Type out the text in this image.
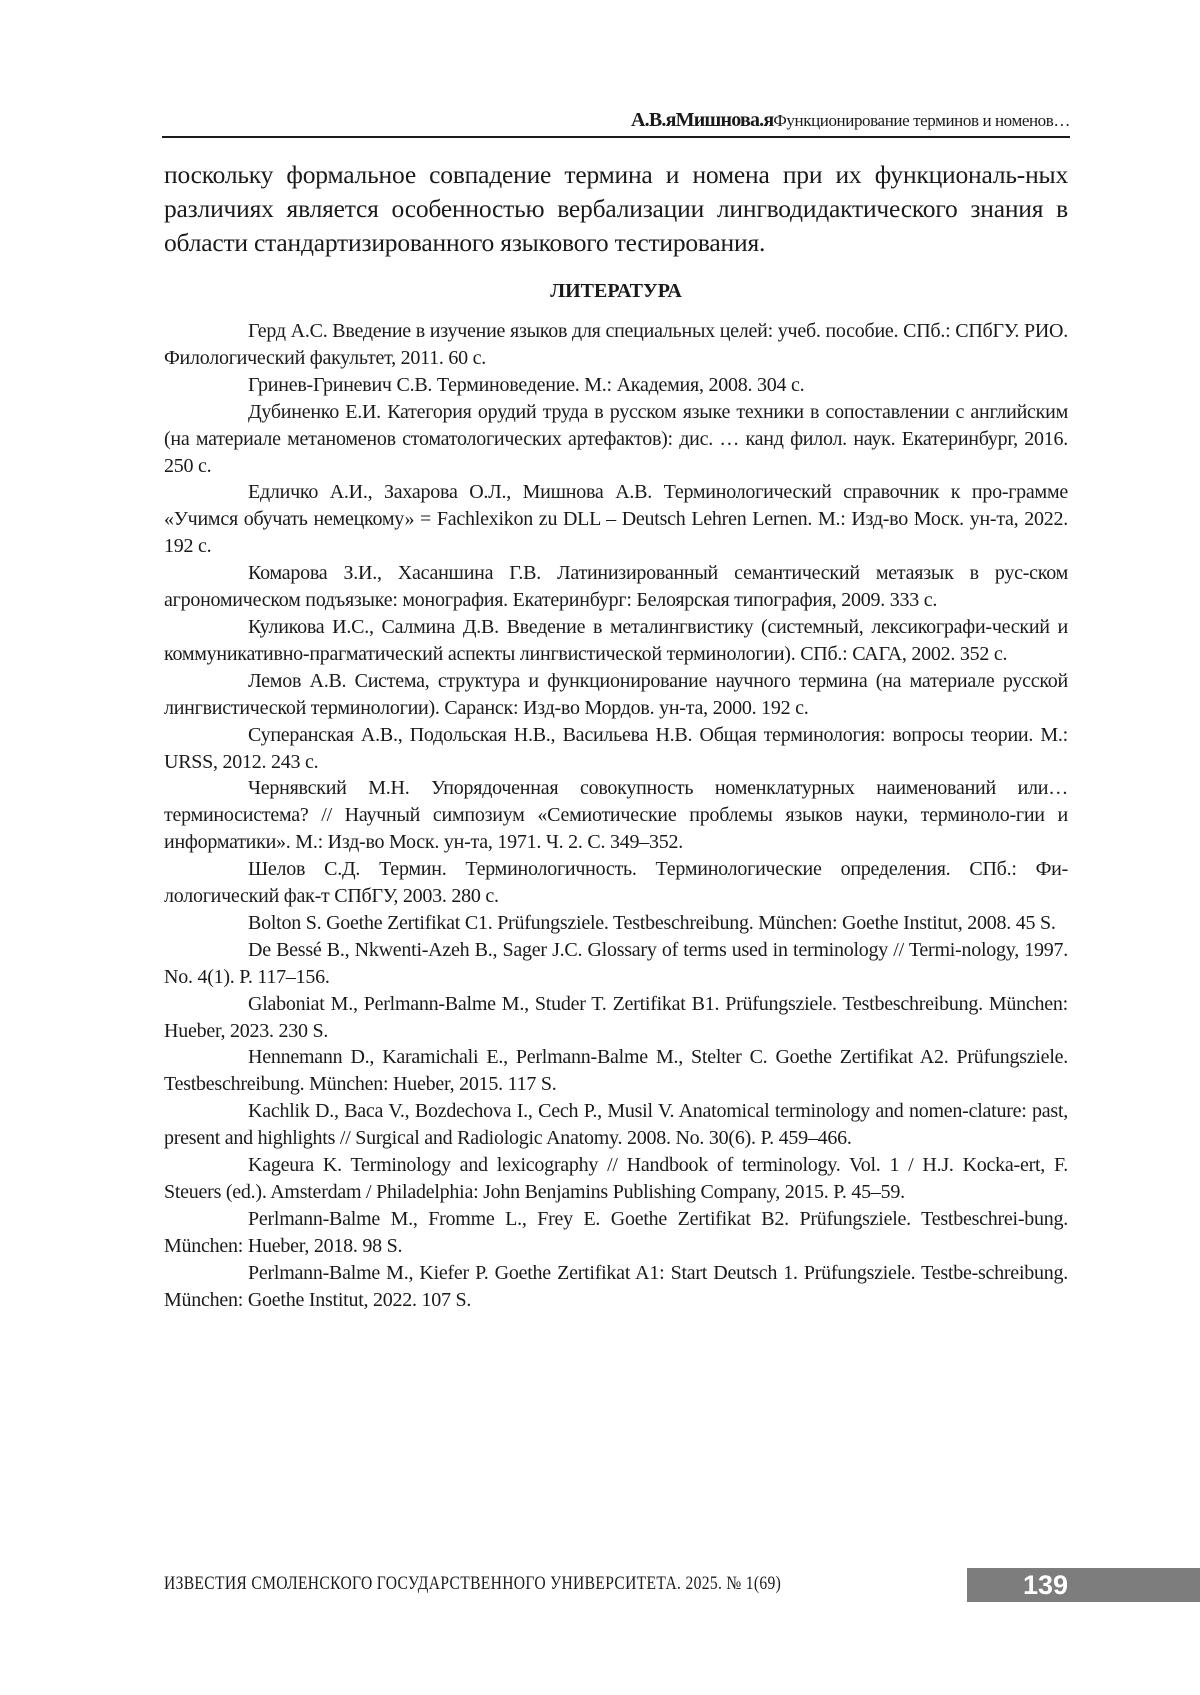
А.В.яМишнова.яФункционирование терминов и номенов…

поскольку формальное совпадение термина и номена при их функциональ-ных различиях является особенностью вербализации лингводидактического знания в области стандартизированного языкового тестирования.

ЛИТЕРАТУРА
Герд А.С. Введение в изучение языков для специальных целей: учеб. пособие. СПб.: СПбГУ. РИО. Филологический факультет, 2011. 60 с.
Гринев-Гриневич С.В. Терминоведение. М.: Академия, 2008. 304 с.
Дубиненко Е.И. Категория орудий труда в русском языке техники в сопоставлении с английским (на материале метаноменов стоматологических артефактов): дис. … канд филол. наук. Екатеринбург, 2016. 250 с.
Едличко А.И., Захарова О.Л., Мишнова А.В. Терминологический справочник к про-грамме «Учимся обучать немецкому» = Fachlexikon zu DLL – Deutsch Lehren Lernen. М.: Изд-во Моск. ун-та, 2022. 192 с.
Комарова З.И., Хасаншина Г.В. Латинизированный семантический метаязык в рус-ском агрономическом подъязыке: монография. Екатеринбург: Белоярская типография, 2009. 333 с.
Куликова И.С., Салмина Д.В. Введение в металингвистику (системный, лексикографи-ческий и коммуникативно-прагматический аспекты лингвистической терминологии). СПб.: САГА, 2002. 352 с.
Лемов А.В. Система, структура и функционирование научного термина (на материале русской лингвистической терминологии). Саранск: Изд-во Мордов. ун-та, 2000. 192 с.
Суперанская А.В., Подольская Н.В., Васильева Н.В. Общая терминология: вопросы теории. М.: URSS, 2012. 243 с.
Чернявский М.Н. Упорядоченная совокупность номенклатурных наименований или… терминосистема? // Научный симпозиум «Семиотические проблемы языков науки, терминоло-гии и информатики». М.: Изд-во Моск. ун-та, 1971. Ч. 2. С. 349–352.
Шелов С.Д. Термин. Терминологичность. Терминологические определения. СПб.: Фи-лологический фак-т СПбГУ, 2003. 280 с.
Bolton S. Goethe Zertifikat C1. Prüfungsziele. Testbeschreibung. München: Goethe Institut, 2008. 45 S.
De Bessé B., Nkwenti-Azeh B., Sager J.C. Glossary of terms used in terminology // Termi-nology, 1997. No. 4(1). P. 117–156.
Glaboniat M., Perlmann-Balme M., Studer T. Zertifikat B1. Prüfungsziele. Testbeschreibung. München: Hueber, 2023. 230 S.
Hennemann D., Karamichali E., Perlmann-Balme M., Stelter C. Goethe Zertifikat A2. Prüfungsziele. Testbeschreibung. München: Hueber, 2015. 117 S.
Kachlik D., Baca V., Bozdechova I., Cech P., Musil V. Anatomical terminology and nomen-clature: past, present and highlights // Surgical and Radiologic Anatomy. 2008. No. 30(6). P. 459–466.
Kageura K. Terminology and lexicography // Handbook of terminology. Vol. 1 / H.J. Kocka-ert, F. Steuers (ed.). Amsterdam / Philadelphia: John Benjamins Publishing Company, 2015. P. 45–59.
Perlmann-Balme M., Fromme L., Frey E. Goethe Zertifikat B2. Prüfungsziele. Testbeschrei-bung. München: Hueber, 2018. 98 S.
Perlmann-Balme M., Kiefer P. Goethe Zertifikat A1: Start Deutsch 1. Prüfungsziele. Testbe-schreibung. München: Goethe Institut, 2022. 107 S.
ИЗВЕСТИЯ СМОЛЕНСКОГО ГОСУДАРСТВЕННОГО УНИВЕРСИТЕТА. 2025. № 1(69)	139
